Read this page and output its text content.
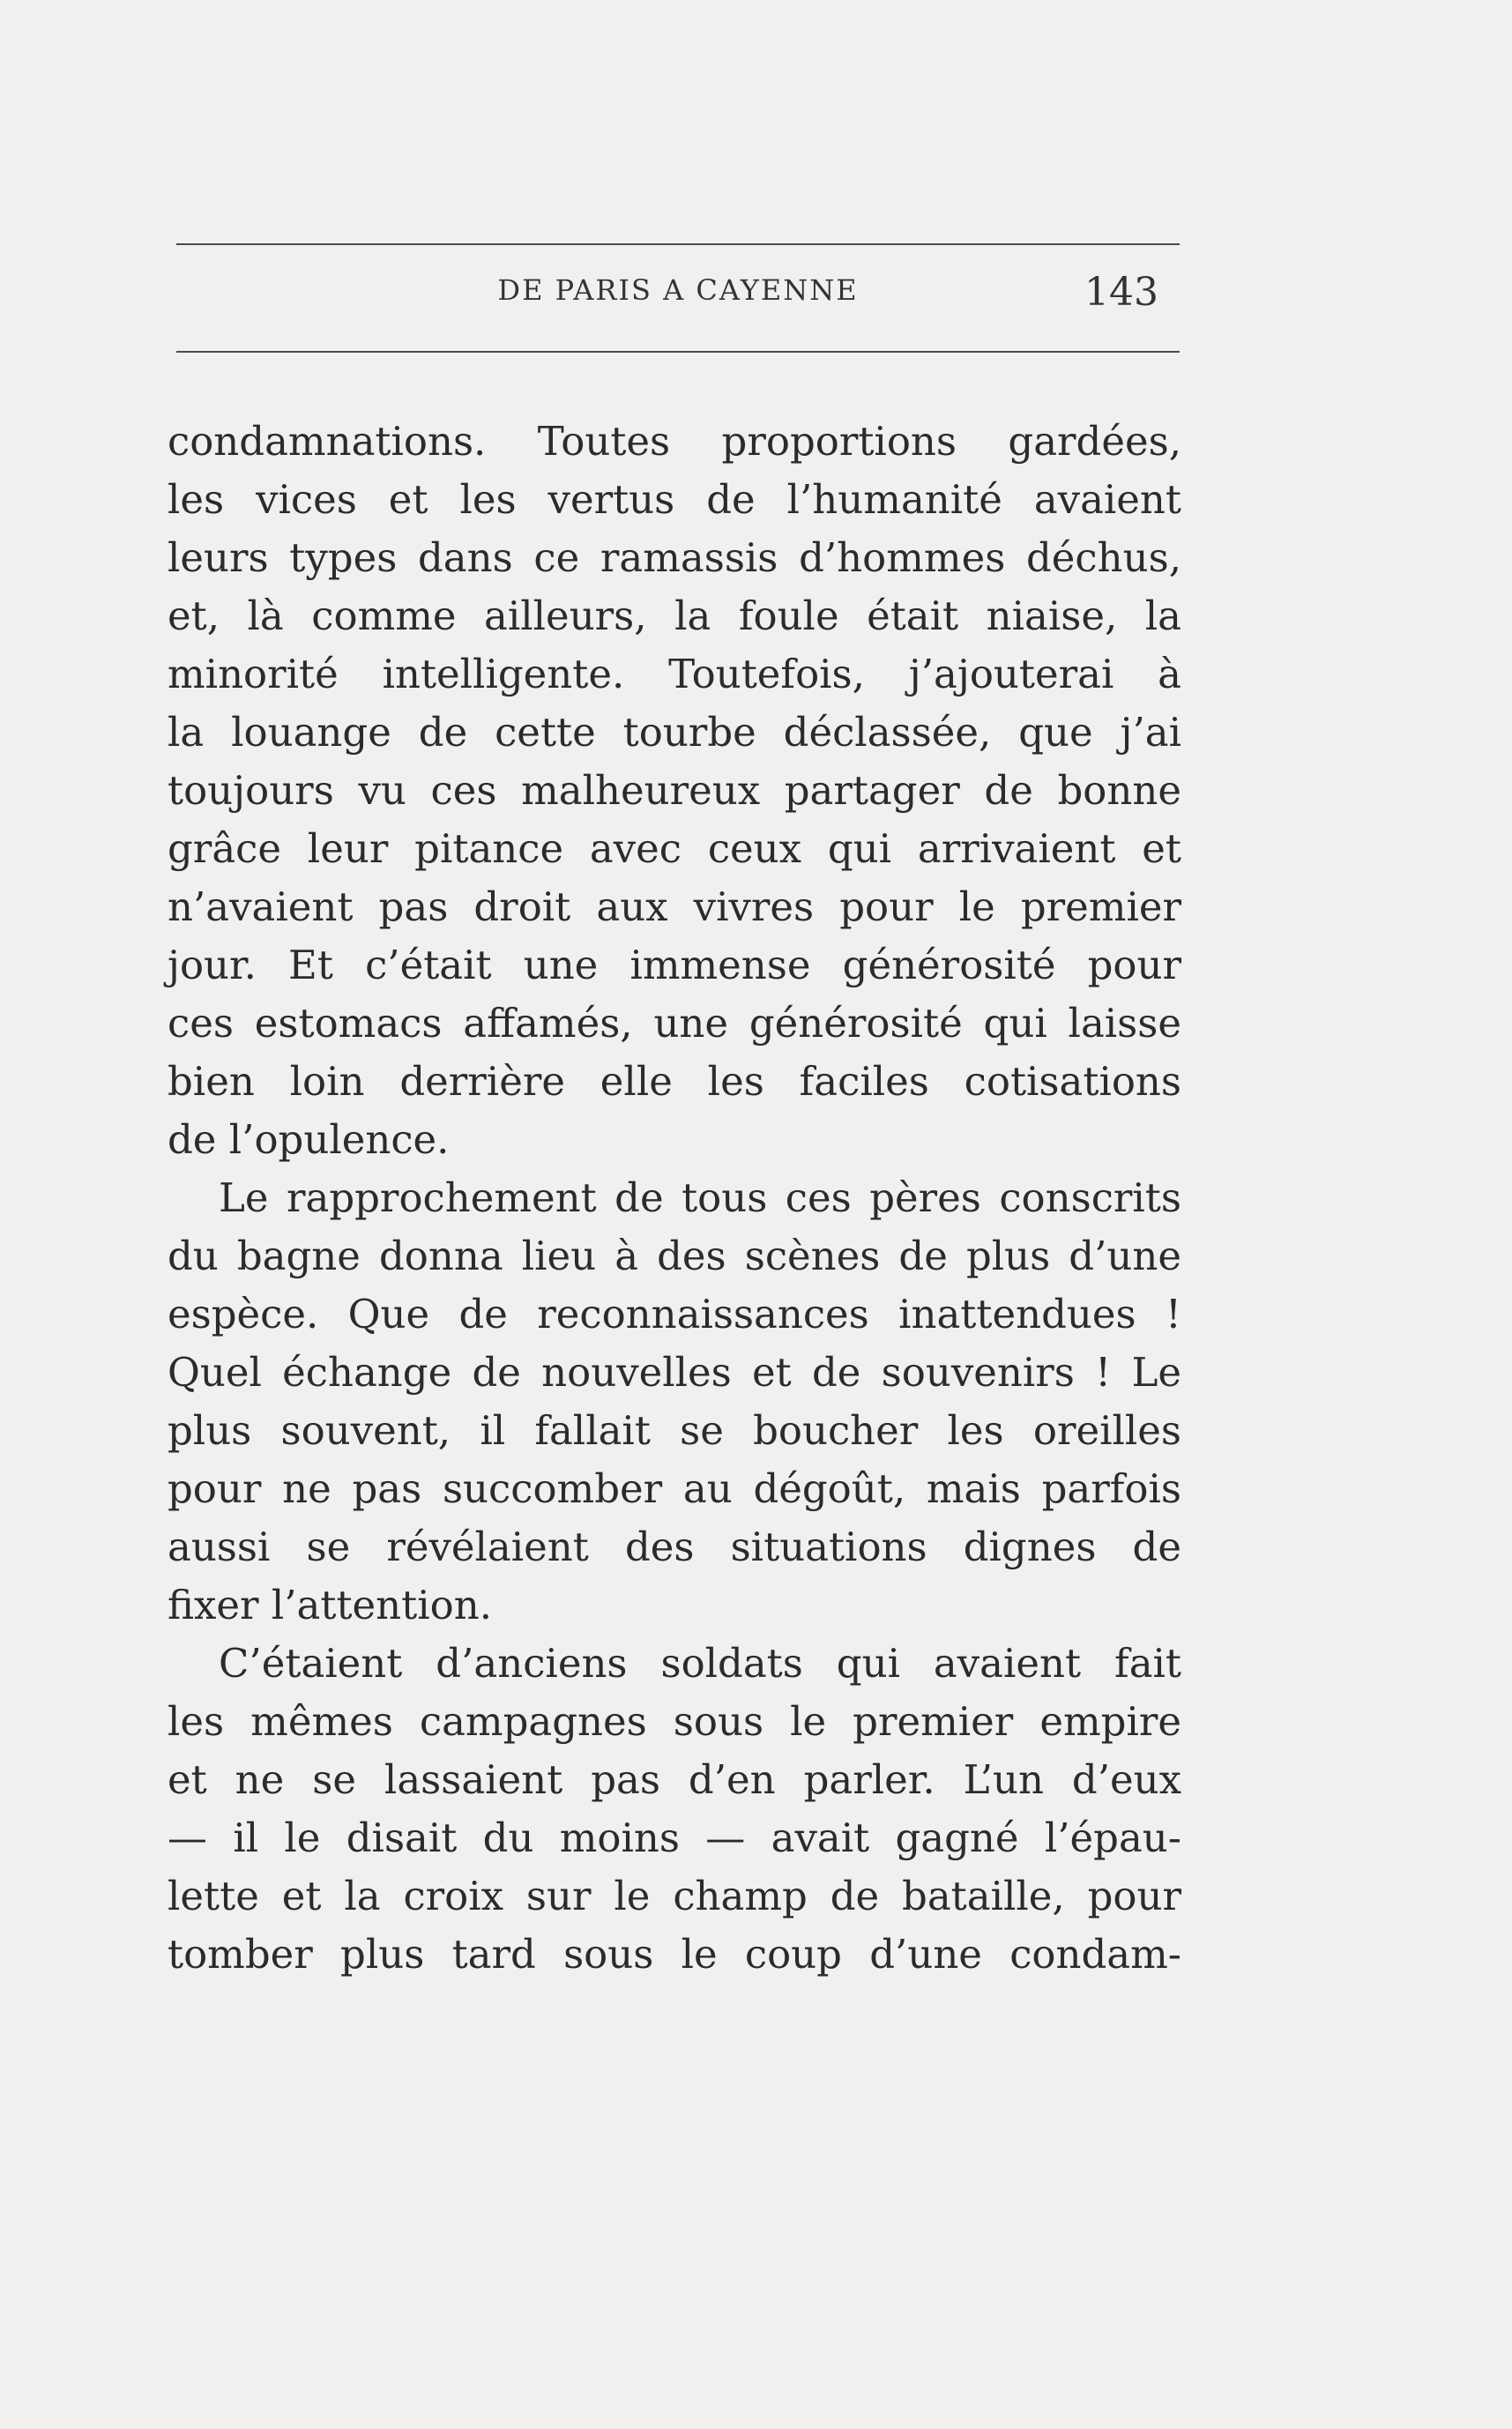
DE PARIS A CAYENNE	143
condamnations. Toutes proportions gardées,
les vices et les vertus de l’humanité avaient
leurs types dans ce ramassis d’hommes déchus,
et, là comme ailleurs, la foule était niaise, la
minorité intelligente. Toutefois, j’ajouterai à
la louange de cette tourbe déclassée, que j’ai
toujours vu ces malheureux partager de bonne
grâce leur pitance avec ceux qui arrivaient et
n’avaient pas droit aux vivres pour le premier
jour. Et c’était une immense générosité pour
ces estomacs affamés, une générosité qui laisse
bien loin derrière elle les faciles cotisations
de l’opulence.
Le rapprochement de tous ces pères conscrits
du bagne donna lieu à des scènes de plus d’une
espèce. Que de reconnaissances inattendues !
Quel échange de nouvelles et de souvenirs ! Le
plus souvent, il fallait se boucher les oreilles
pour ne pas succomber au dégoût, mais parfois
aussi se révélaient des situations dignes de
fixer l’attention.
C’étaient d’anciens soldats qui avaient fait
les mêmes campagnes sous le premier empire
et ne se lassaient pas d’en parler. L’un d’eux
— il le disait du moins — avait gagné l’épau-
lette et la croix sur le champ de bataille, pour
tomber plus tard sous le coup d’une condam-
